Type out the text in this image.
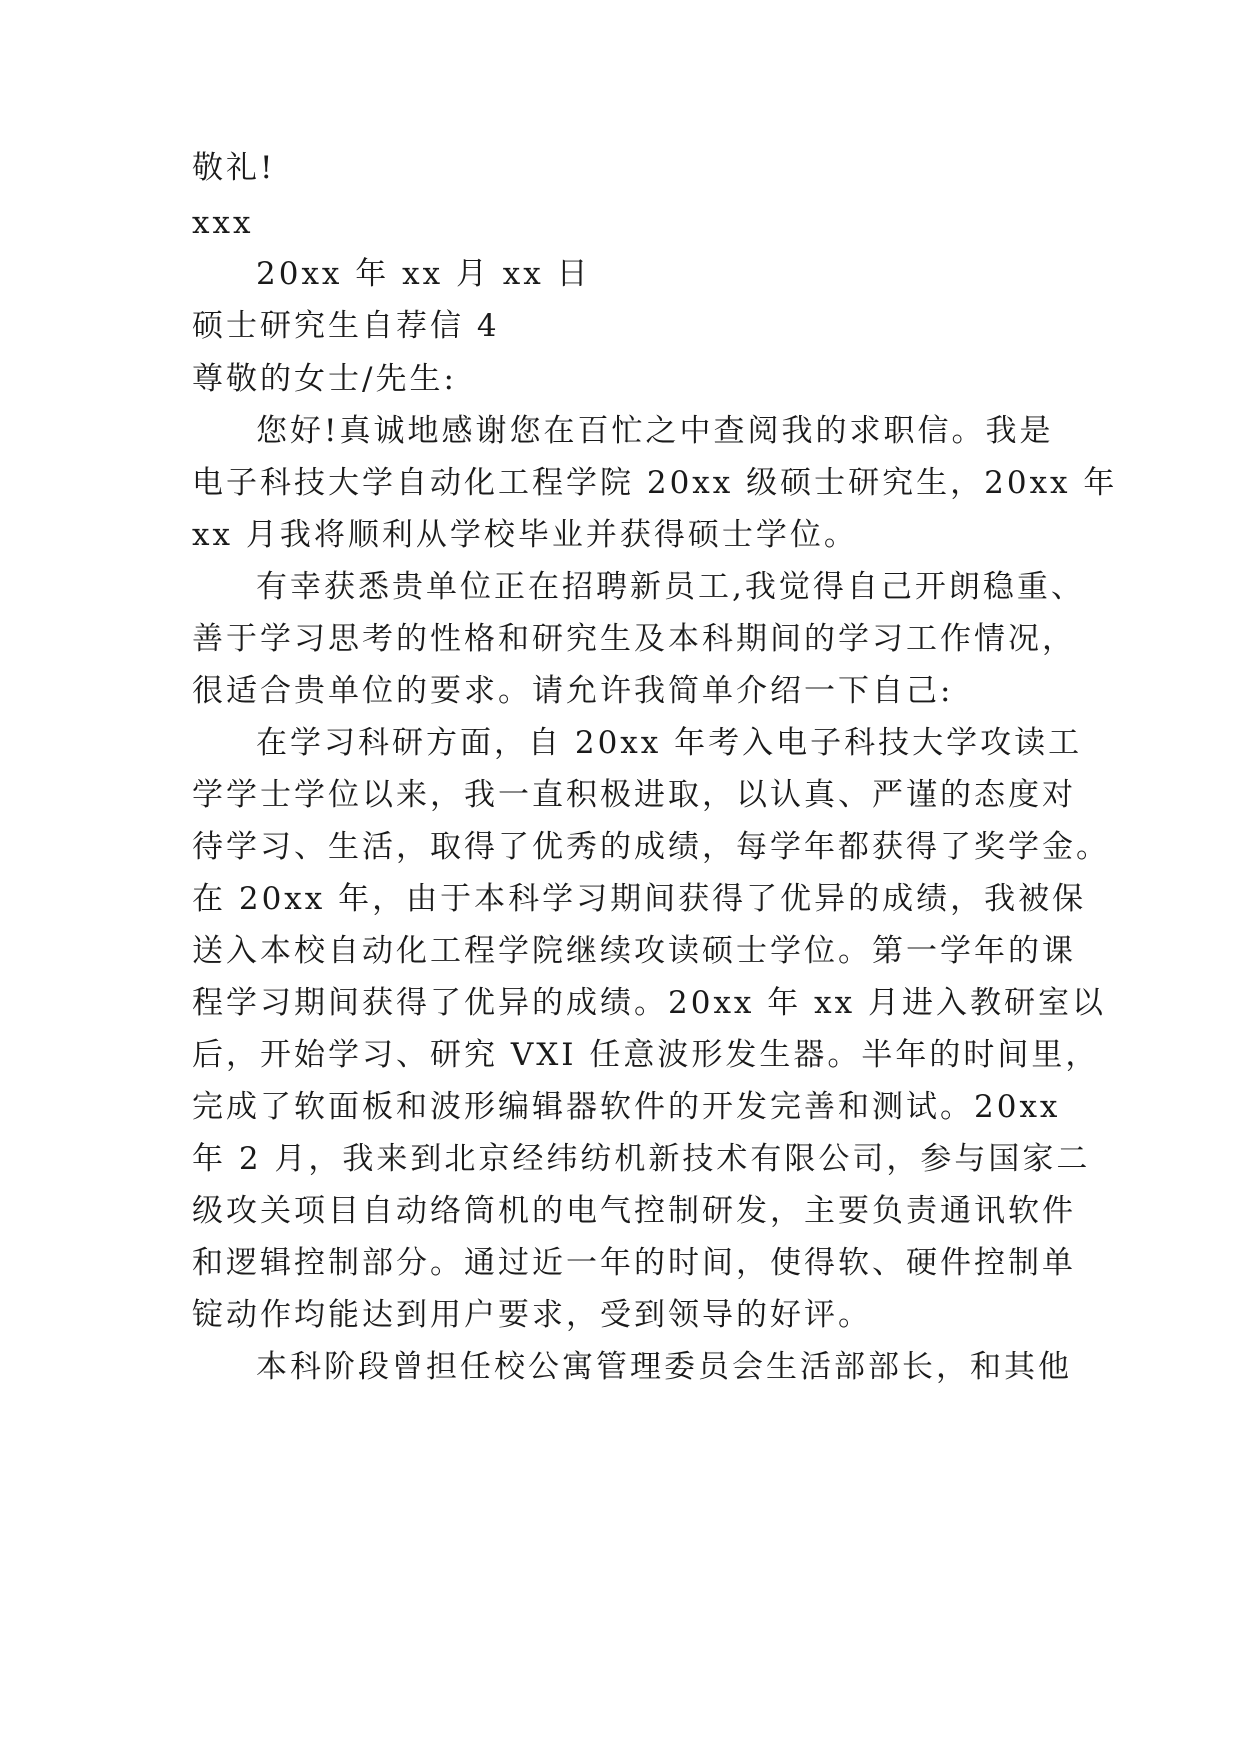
敬礼!
xxx
20xx 年 xx 月 xx 日
硕士研究生自荐信 4
尊敬的女士/先生:
您好!真诚地感谢您在百忙之中查阅我的求职信。我是
电子科技大学自动化工程学院 20xx 级硕士研究生，20xx 年
xx 月我将顺利从学校毕业并获得硕士学位。
有幸获悉贵单位正在招聘新员工,我觉得自己开朗稳重、
善于学习思考的性格和研究生及本科期间的学习工作情况，
很适合贵单位的要求。请允许我简单介绍一下自己:
在学习科研方面，自 20xx 年考入电子科技大学攻读工
学学士学位以来，我一直积极进取，以认真、严谨的态度对
待学习、生活，取得了优秀的成绩，每学年都获得了奖学金。
在 20xx 年，由于本科学习期间获得了优异的成绩，我被保
送入本校自动化工程学院继续攻读硕士学位。第一学年的课
程学习期间获得了优异的成绩。20xx 年 xx 月进入教研室以
后，开始学习、研究 VXI 任意波形发生器。半年的时间里，
完成了软面板和波形编辑器软件的开发完善和测试。20xx
年 2 月，我来到北京经纬纺机新技术有限公司，参与国家二
级攻关项目自动络筒机的电气控制研发，主要负责通讯软件
和逻辑控制部分。通过近一年的时间，使得软、硬件控制单
锭动作均能达到用户要求，受到领导的好评。
本科阶段曾担任校公寓管理委员会生活部部长，和其他
